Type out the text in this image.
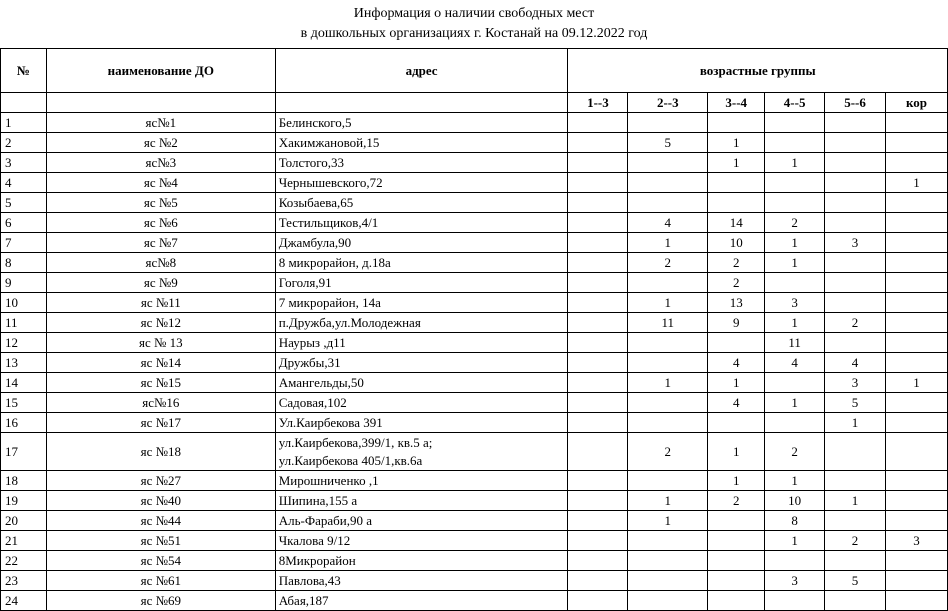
Информация о наличии свободных мест
в дошкольных организациях г. Костанай на 09.12.2022 год
№	наименование ДО	адрес	возрастные группы					
			1--3	2--3	3--4	4--5	5--6	кор
1	яс№1	Белинского,5						

2	яс №2	Хакимжановой,15		5	1			
3	яс№3	Толстого,33			1	1		
4	яс №4	Чернышевского,72						1
5	яс №5	Козыбаева,65						

6	яс №6	Тестильщиков,4/1		4	14	2		
7	яс №7	Джамбула,90		1	10	1	3	
8	яс№8	8 микрорайон, д.18а		2	2	1		
9	яс №9	Гоголя,91			2			
10	яс №11	7 микрорайон, 14а		1	13	3		
11	яс №12	п.Дружба,ул.Молодежная		11	9	1	2	
12	яс № 13	Наурыз ,д11				11		
13	яс №14	Дружбы,31			4	4	4	
14	яс №15	Амангельды,50		1	1		3	1
15	яс№16	Садовая,102			4	1	5	
16	яс №17	Ул.Каирбекова 391					1	
17	яс №18	ул.Каирбекова,399/1, кв.5 а;
ул.Каирбекова 405/1,кв.6а		2	1	2		
18	яс №27	Мирошниченко ,1			1	1		
19	яс №40	Шипина,155 а		1	2	10	1	
20	яс №44	Аль-Фараби,90 а		1		8		
21	яс №51	Чкалова 9/12				1	2	3
22	яс №54	8Микрорайон						

23	яс №61	Павлова,43				3	5	
24	яс №69	Абая,187						
